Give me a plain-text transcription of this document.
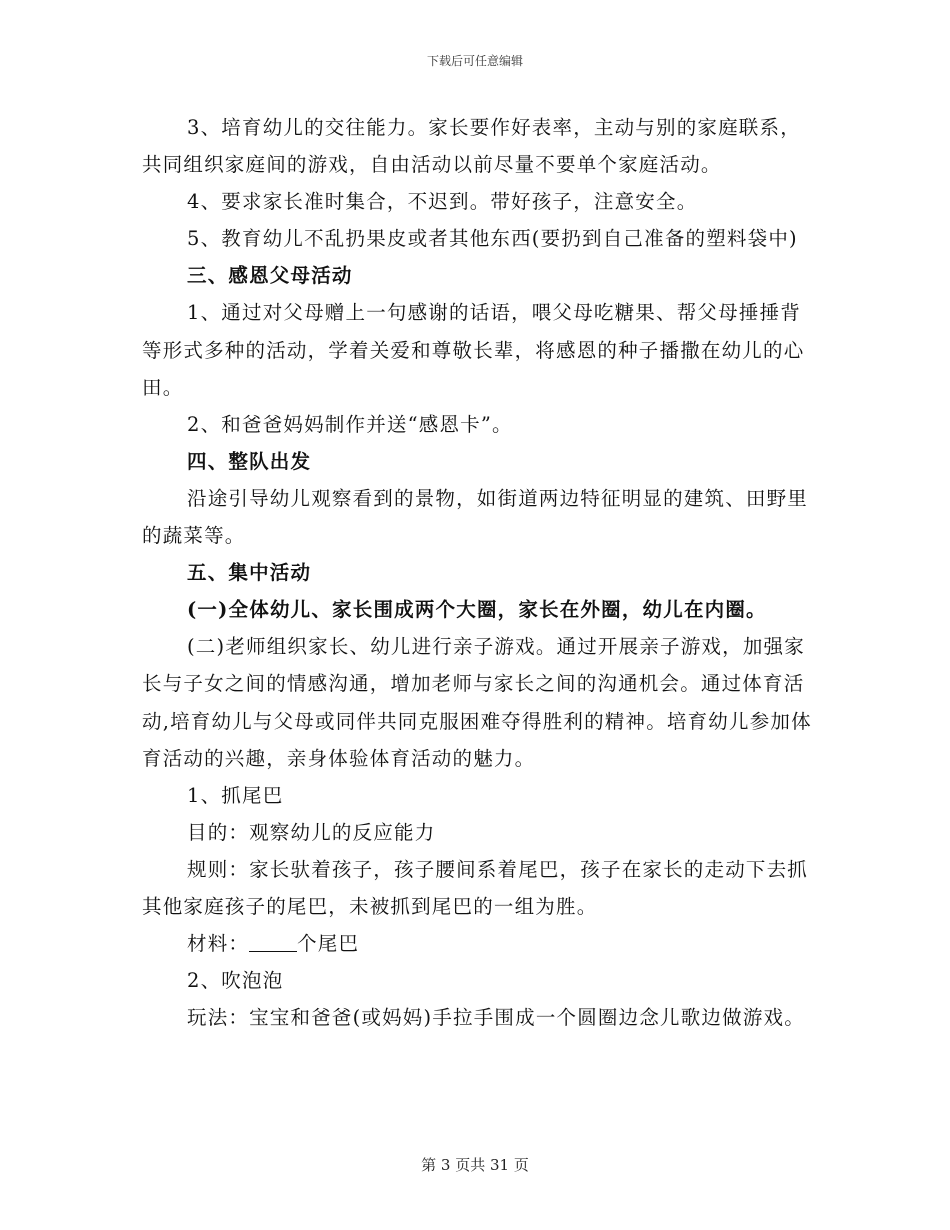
下载后可任意编辑

3、培育幼儿的交往能力。家长要作好表率，主动与别的家庭联系，共同组织家庭间的游戏，自由活动以前尽量不要单个家庭活动。

4、要求家长准时集合，不迟到。带好孩子，注意安全。

5、教育幼儿不乱扔果皮或者其他东西(要扔到自己准备的塑料袋中)

三、感恩父母活动

1、通过对父母赠上一句感谢的话语，喂父母吃糖果、帮父母捶捶背等形式多种的活动，学着关爱和尊敬长辈，将感恩的种子播撒在幼儿的心田。

2、和爸爸妈妈制作并送“感恩卡”。

四、整队出发

沿途引导幼儿观察看到的景物，如街道两边特征明显的建筑、田野里的蔬菜等。

五、集中活动

(一)全体幼儿、家长围成两个大圈，家长在外圈，幼儿在内圈。

(二)老师组织家长、幼儿进行亲子游戏。通过开展亲子游戏，加强家长与子女之间的情感沟通，增加老师与家长之间的沟通机会。通过体育活动,培育幼儿与父母或同伴共同克服困难夺得胜利的精神。培育幼儿参加体育活动的兴趣，亲身体验体育活动的魅力。

1、抓尾巴

目的：观察幼儿的反应能力

规则：家长驮着孩子，孩子腰间系着尾巴，孩子在家长的走动下去抓其他家庭孩子的尾巴，未被抓到尾巴的一组为胜。

材料： 个尾巴

2、吹泡泡

玩法：宝宝和爸爸(或妈妈)手拉手围成一个圆圈边念儿歌边做游戏。

第 3 页共 31 页
